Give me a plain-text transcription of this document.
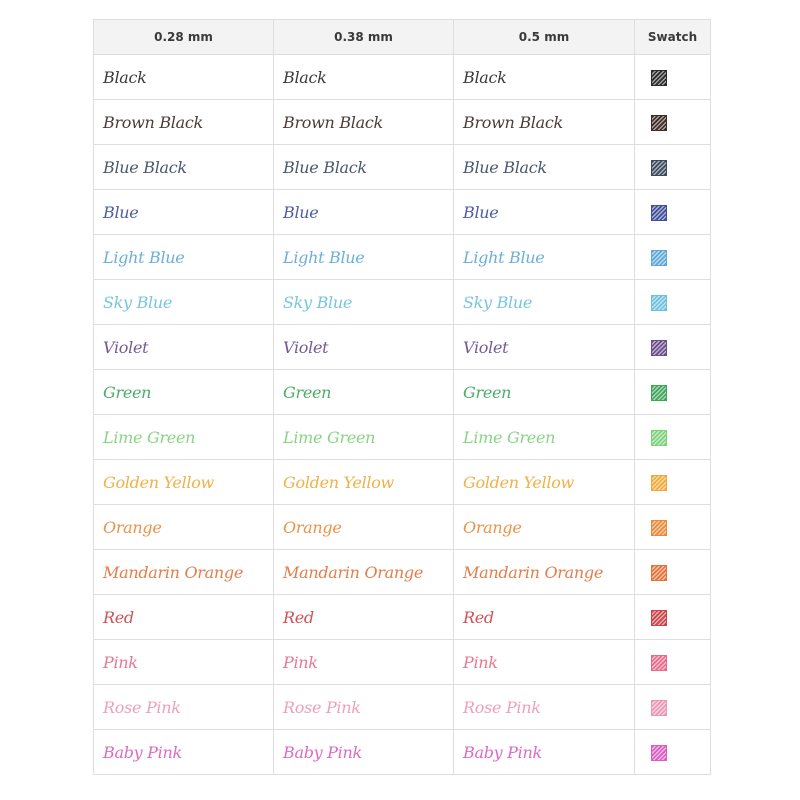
0.28 mm	0.38 mm	0.5 mm	Swatch
Black	Black	Black	
Brown Black	Brown Black	Brown Black	
Blue Black	Blue Black	Blue Black	
Blue	Blue	Blue	
Light Blue	Light Blue	Light Blue	
Sky Blue	Sky Blue	Sky Blue	
Violet	Violet	Violet	
Green	Green	Green	
Lime Green	Lime Green	Lime Green	
Golden Yellow	Golden Yellow	Golden Yellow	
Orange	Orange	Orange	
Mandarin Orange	Mandarin Orange	Mandarin Orange	
Red	Red	Red	
Pink	Pink	Pink	
Rose Pink	Rose Pink	Rose Pink	
Baby Pink	Baby Pink	Baby Pink	
